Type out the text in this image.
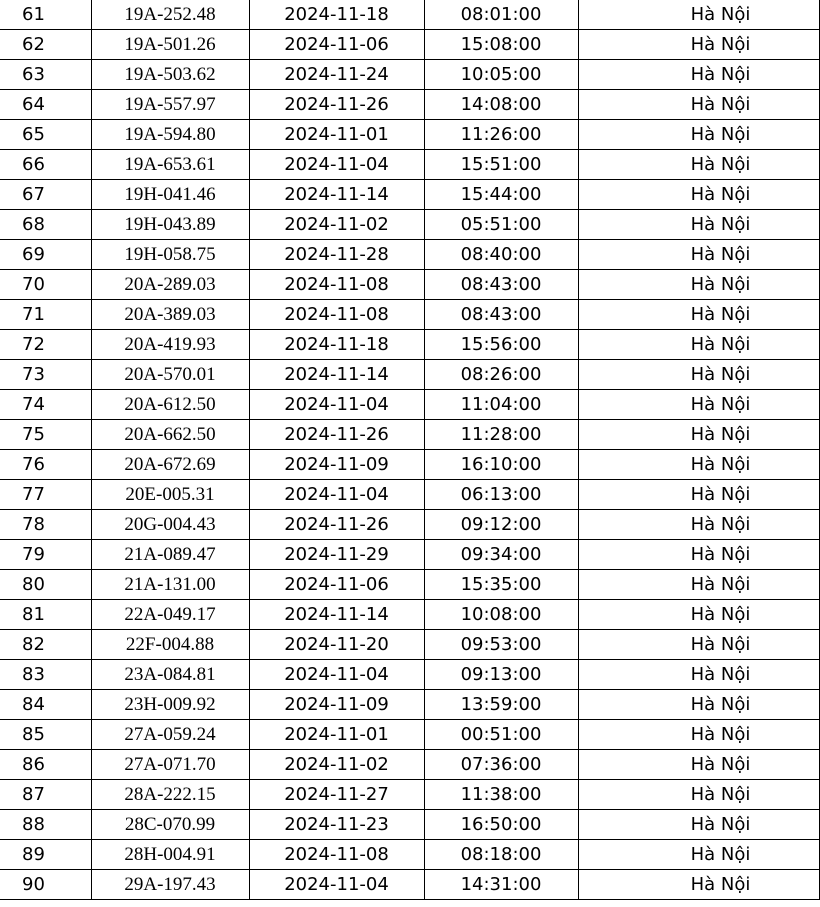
61	19A-252.48	2024-11-18	08:01:00	Hà Nội
62	19A-501.26	2024-11-06	15:08:00	Hà Nội
63	19A-503.62	2024-11-24	10:05:00	Hà Nội
64	19A-557.97	2024-11-26	14:08:00	Hà Nội
65	19A-594.80	2024-11-01	11:26:00	Hà Nội
66	19A-653.61	2024-11-04	15:51:00	Hà Nội
67	19H-041.46	2024-11-14	15:44:00	Hà Nội
68	19H-043.89	2024-11-02	05:51:00	Hà Nội
69	19H-058.75	2024-11-28	08:40:00	Hà Nội
70	20A-289.03	2024-11-08	08:43:00	Hà Nội
71	20A-389.03	2024-11-08	08:43:00	Hà Nội
72	20A-419.93	2024-11-18	15:56:00	Hà Nội
73	20A-570.01	2024-11-14	08:26:00	Hà Nội
74	20A-612.50	2024-11-04	11:04:00	Hà Nội
75	20A-662.50	2024-11-26	11:28:00	Hà Nội
76	20A-672.69	2024-11-09	16:10:00	Hà Nội
77	20E-005.31	2024-11-04	06:13:00	Hà Nội
78	20G-004.43	2024-11-26	09:12:00	Hà Nội
79	21A-089.47	2024-11-29	09:34:00	Hà Nội
80	21A-131.00	2024-11-06	15:35:00	Hà Nội
81	22A-049.17	2024-11-14	10:08:00	Hà Nội
82	22F-004.88	2024-11-20	09:53:00	Hà Nội
83	23A-084.81	2024-11-04	09:13:00	Hà Nội
84	23H-009.92	2024-11-09	13:59:00	Hà Nội
85	27A-059.24	2024-11-01	00:51:00	Hà Nội
86	27A-071.70	2024-11-02	07:36:00	Hà Nội
87	28A-222.15	2024-11-27	11:38:00	Hà Nội
88	28C-070.99	2024-11-23	16:50:00	Hà Nội
89	28H-004.91	2024-11-08	08:18:00	Hà Nội
90	29A-197.43	2024-11-04	14:31:00	Hà Nội
